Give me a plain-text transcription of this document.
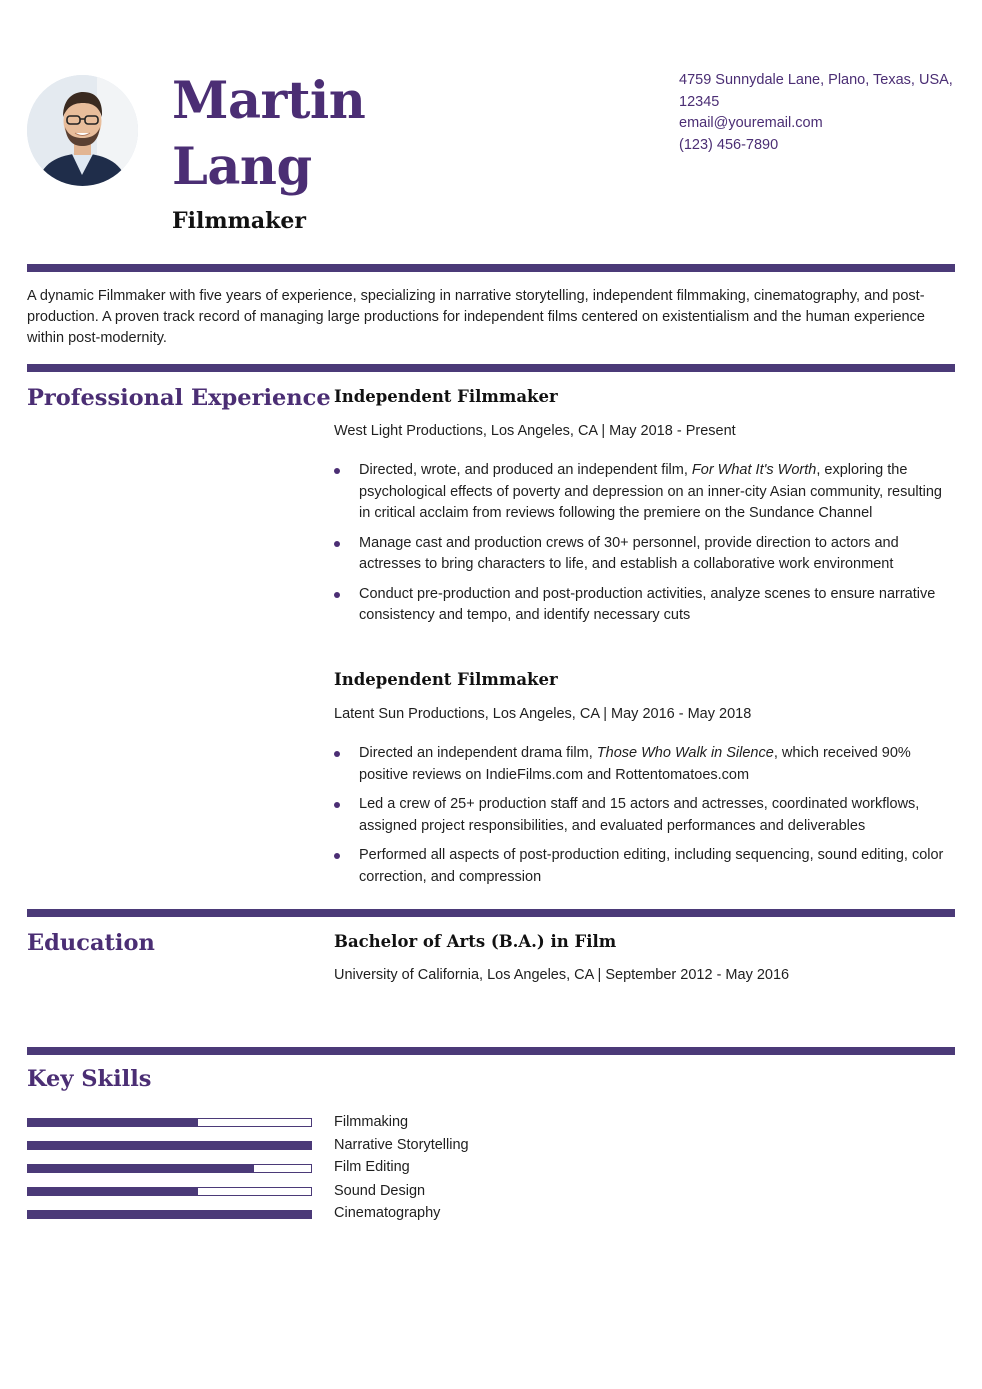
Martin
Lang
Filmmaker
4759 Sunnydale Lane, Plano, Texas, USA,
12345
email@youremail.com
(123) 456-7890
A dynamic Filmmaker with five years of experience, specializing in narrative storytelling, independent filmmaking, cinematography, and post-production. A proven track record of managing large productions for independent films centered on existentialism and the human experience within post-modernity.
Professional Experience Independent Filmmaker
West Light Productions, Los Angeles, CA | May 2018 - Present
Directed, wrote, and produced an independent film, For What It's Worth, exploring the psychological effects of poverty and depression on an inner-city Asian community, resulting in critical acclaim from reviews following the premiere on the Sundance Channel
Manage cast and production crews of 30+ personnel, provide direction to actors and actresses to bring characters to life, and establish a collaborative work environment
Conduct pre-production and post-production activities, analyze scenes to ensure narrative consistency and tempo, and identify necessary cuts
Independent Filmmaker
Latent Sun Productions, Los Angeles, CA | May 2016 - May 2018
Directed an independent drama film, Those Who Walk in Silence, which received 90% positive reviews on IndieFilms.com and Rottentomatoes.com
Led a crew of 25+ production staff and 15 actors and actresses, coordinated workflows, assigned project responsibilities, and evaluated performances and deliverables
Performed all aspects of post-production editing, including sequencing, sound editing, color correction, and compression
Education	Bachelor of Arts (B.A.) in Film
University of California, Los Angeles, CA | September 2012 - May 2016
Key Skills
Filmmaking
Narrative Storytelling
Film Editing
Sound Design
Cinematography
